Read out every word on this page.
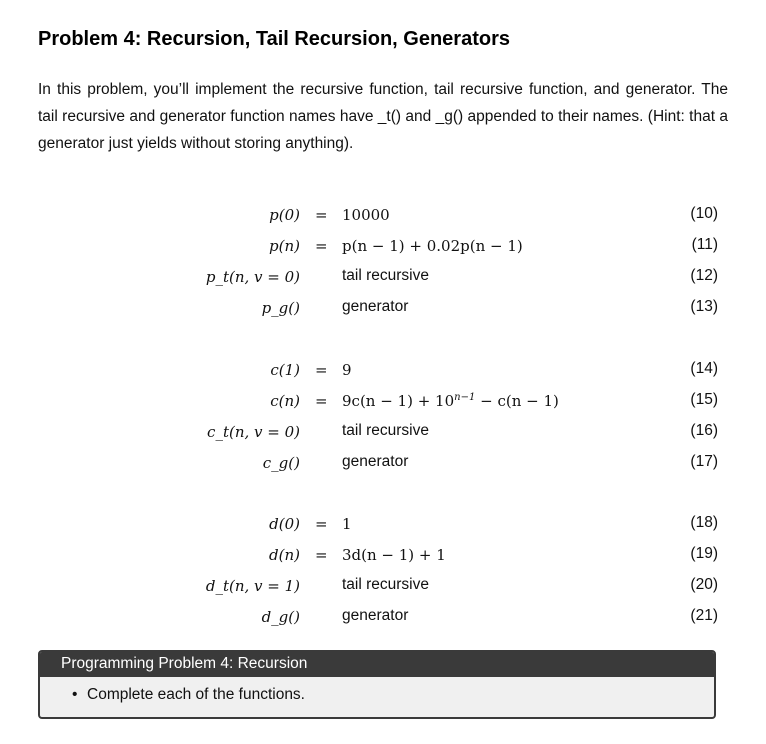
Problem 4: Recursion, Tail Recursion, Generators

In this problem, you’ll implement the recursive function, tail recursive function, and generator. The tail recursive and generator function names have _t() and _g() appended to their names. (Hint: that a generator just yields without storing anything).

p(0) = 10000	(10)
p(n) = p(n − 1) + 0.02p(n − 1)	(11)
p_t(n, v = 0)	tail recursive	(12)
p_g()	generator	(13)
c(1) = 9	(14)
$c(n) = 9c(n - 1) + 10^{n-1} - c(n - 1)$	(15)
c_t(n, v = 0)	tail recursive	(16)
c_g()	generator	(17)
d(0) = 1	(18)
d(n) = 3d(n − 1) + 1	(19)
d_t(n, v = 1)	tail recursive	(20)
d_g()	generator	(21)
Programming Problem 4: Recursion
• Complete each of the functions.
